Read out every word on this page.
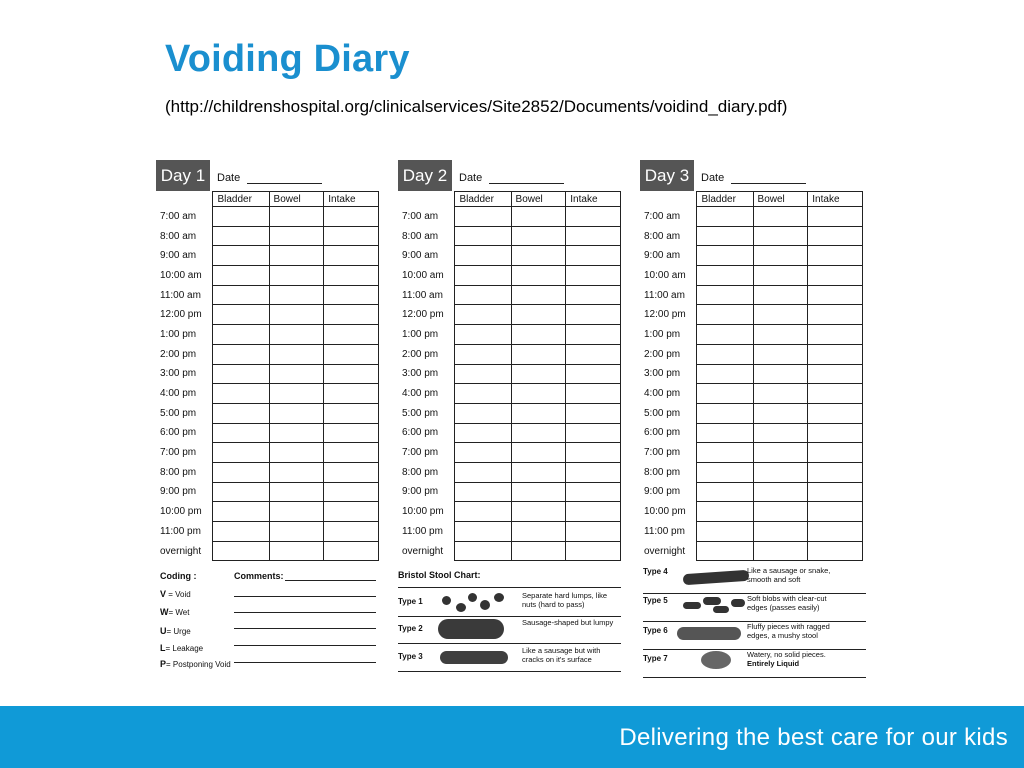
Voiding Diary
(http://childrenshospital.org/clinicalservices/Site2852/Documents/voidind_diary.pdf)
Day 1	Date
	Bladder	Bowel	Intake
7:00 am			
8:00 am			
9:00 am			
10:00 am			
11:00 am			
12:00 pm			
1:00 pm			
2:00 pm			
3:00 pm			
4:00 pm			
5:00 pm			
6:00 pm			
7:00 pm			
8:00 pm			
9:00 pm			
10:00 pm			
11:00 pm			
overnight			
Day 2	Date
	Bladder	Bowel	Intake
7:00 am			
8:00 am			
9:00 am			
10:00 am			
11:00 am			
12:00 pm			
1:00 pm			
2:00 pm			
3:00 pm			
4:00 pm			
5:00 pm			
6:00 pm			
7:00 pm			
8:00 pm			
9:00 pm			
10:00 pm			
11:00 pm			
overnight			
Day 3	Date
	Bladder	Bowel	Intake
7:00 am			
8:00 am			
9:00 am			
10:00 am			
11:00 am			
12:00 pm			
1:00 pm			
2:00 pm			
3:00 pm			
4:00 pm			
5:00 pm			
6:00 pm			
7:00 pm			
8:00 pm			
9:00 pm			
10:00 pm			
11:00 pm			
overnight			
Coding :	Comments:
V = Void
W= Wet
U= Urge
L= Leakage
P= Postponing Void
Bristol Stool Chart:
Type 1
Separate hard lumps, like nuts (hard to pass)
Type 2
Sausage-shaped but lumpy
Type 3
Like a sausage but with cracks on it's surface
Type 4	Like a sausage or snake, smooth and soft
Type 5	Soft blobs with clear-cut edges (passes easily)
Type 6	Fluffy pieces with ragged edges, a mushy stool
Type 7	Watery, no solid pieces.
Entirely Liquid
Delivering the best care for our kids
